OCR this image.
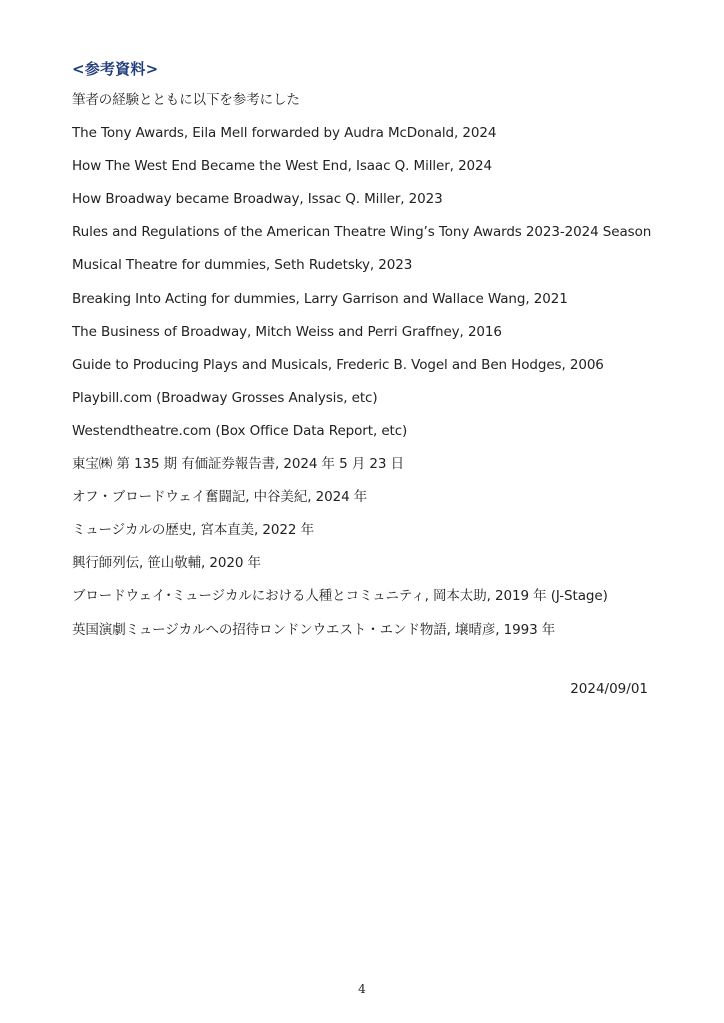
<参考資料>
筆者の経験とともに以下を参考にした
The Tony Awards, Eila Mell forwarded by Audra McDonald, 2024
How The West End Became the West End, Isaac Q. Miller, 2024
How Broadway became Broadway, Issac Q. Miller, 2023
Rules and Regulations of the American Theatre Wing’s Tony Awards 2023-2024 Season
Musical Theatre for dummies, Seth Rudetsky, 2023
Breaking Into Acting for dummies, Larry Garrison and Wallace Wang, 2021
The Business of Broadway, Mitch Weiss and Perri Graffney, 2016
Guide to Producing Plays and Musicals, Frederic B. Vogel and Ben Hodges, 2006
Playbill.com (Broadway Grosses Analysis, etc)
Westendtheatre.com (Box Office Data Report, etc)
東宝㈱ 第 135 期 有価証券報告書, 2024 年 5 月 23 日
オフ・ブロードウェイ奮闘記, 中谷美紀, 2024 年
ミュージカルの歴史, 宮本直美, 2022 年
興行師列伝, 笹山敬輔, 2020 年
ブロードウェイ･ミュージカルにおける人種とコミュニティ, 岡本太助, 2019 年 (J-Stage)
英国演劇ミュージカルへの招待ロンドンウエスト・エンド物語, 壌晴彦, 1993 年
2024/09/01
4
